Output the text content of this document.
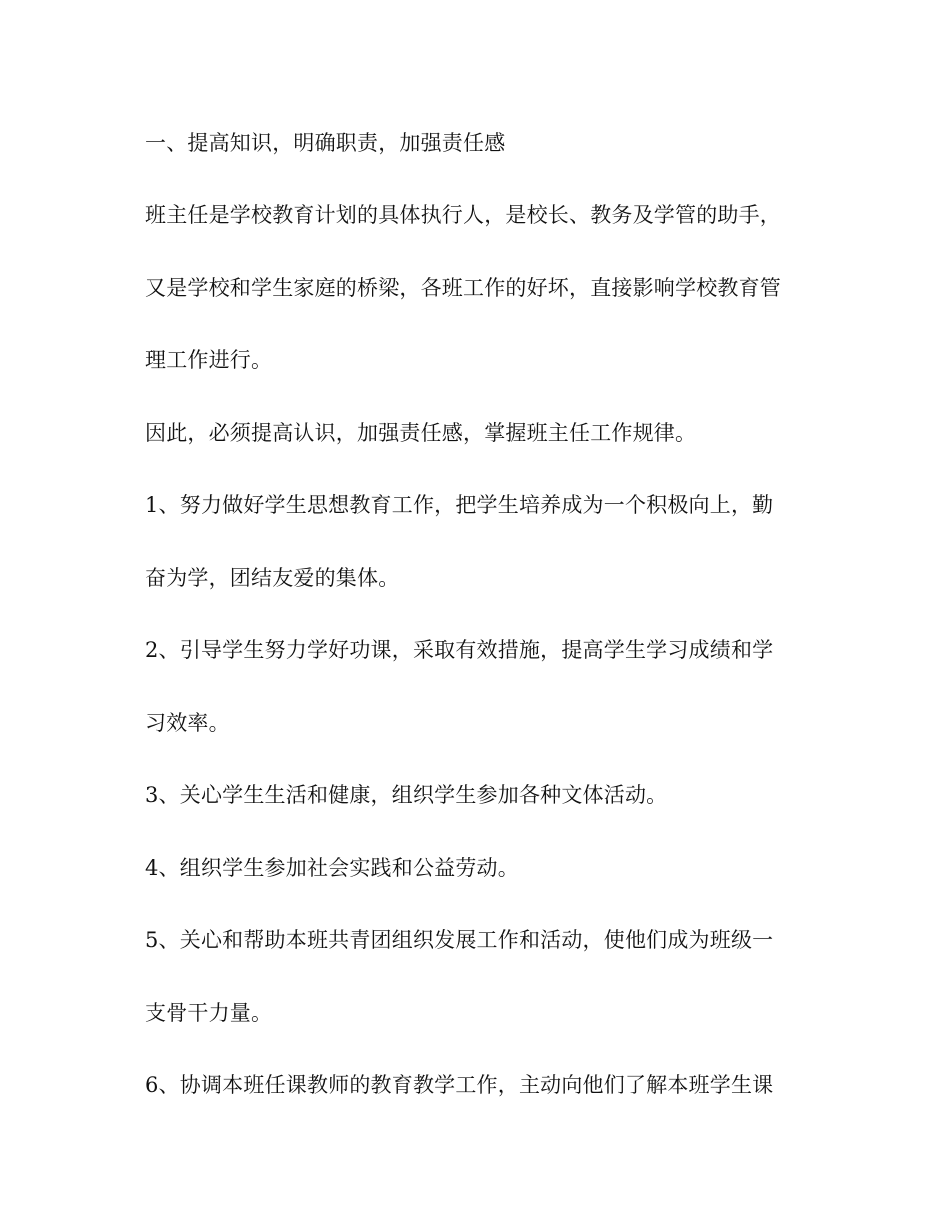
一、提高知识，明确职责，加强责任感
班主任是学校教育计划的具体执行人，是校长、教务及学管的助手，
又是学校和学生家庭的桥梁，各班工作的好坏，直接影响学校教育管
理工作进行。
因此，必须提高认识，加强责任感，掌握班主任工作规律。
1、努力做好学生思想教育工作，把学生培养成为一个积极向上，勤
奋为学，团结友爱的集体。
2、引导学生努力学好功课，采取有效措施，提高学生学习成绩和学
习效率。
3、关心学生生活和健康，组织学生参加各种文体活动。
4、组织学生参加社会实践和公益劳动。
5、关心和帮助本班共青团组织发展工作和活动，使他们成为班级一
支骨干力量。
6、协调本班任课教师的教育教学工作，主动向他们了解本班学生课
